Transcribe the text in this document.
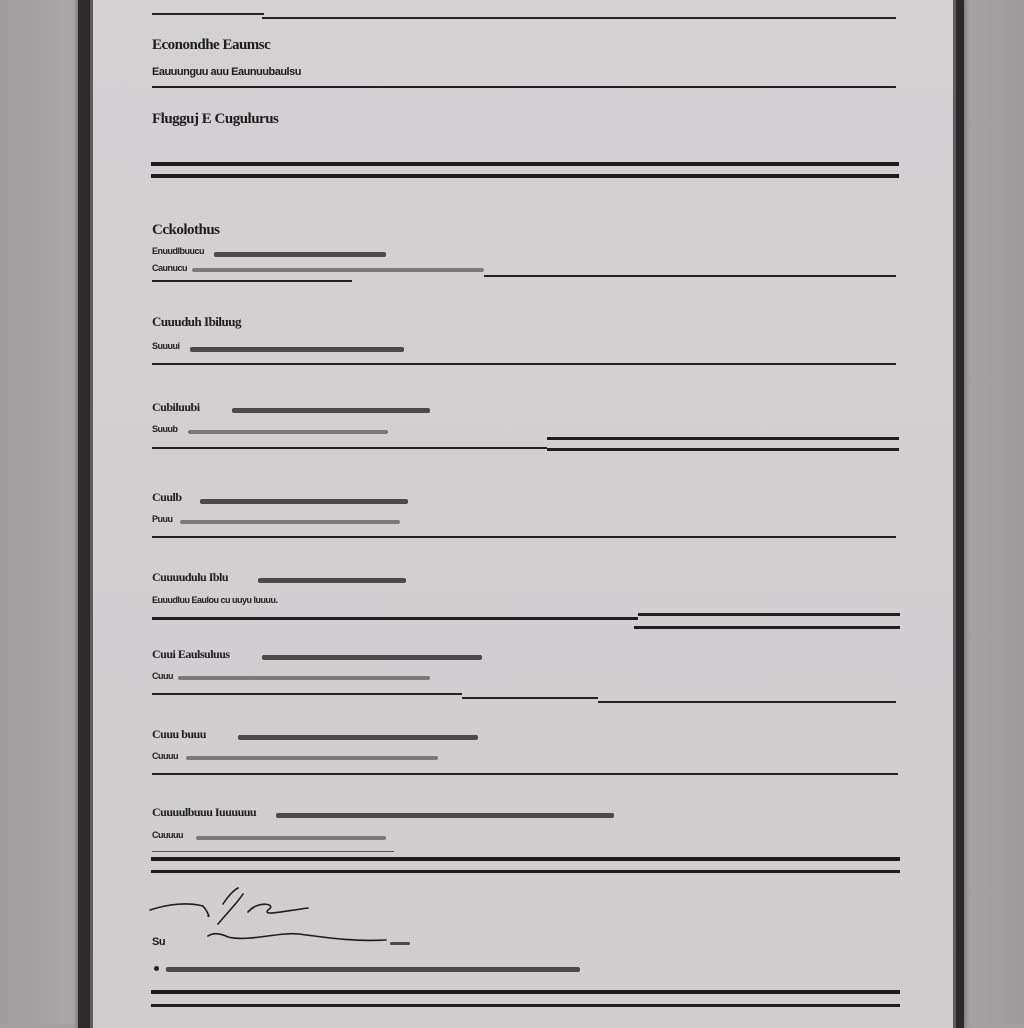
Econondhe Eaumsc
Eauuunguu auu Eaunuubaulsu
Flugguj E Cugulurus
Cckolothus
Enuudlbuucu
Caunucu
Cuuuduh Ibiluug
Suuuui
Cubiluubi
Suuub
Cuulb
Puuu
Cuuuudulu Iblu
Euuudluu Eaulou cu uuyu luuuu.
Cuui Eaulsuluus
Cuuu
Cuuu buuu
Cuuuu
Cuuuulbuuu Iuuuuuu
Cuuuuu
Su
